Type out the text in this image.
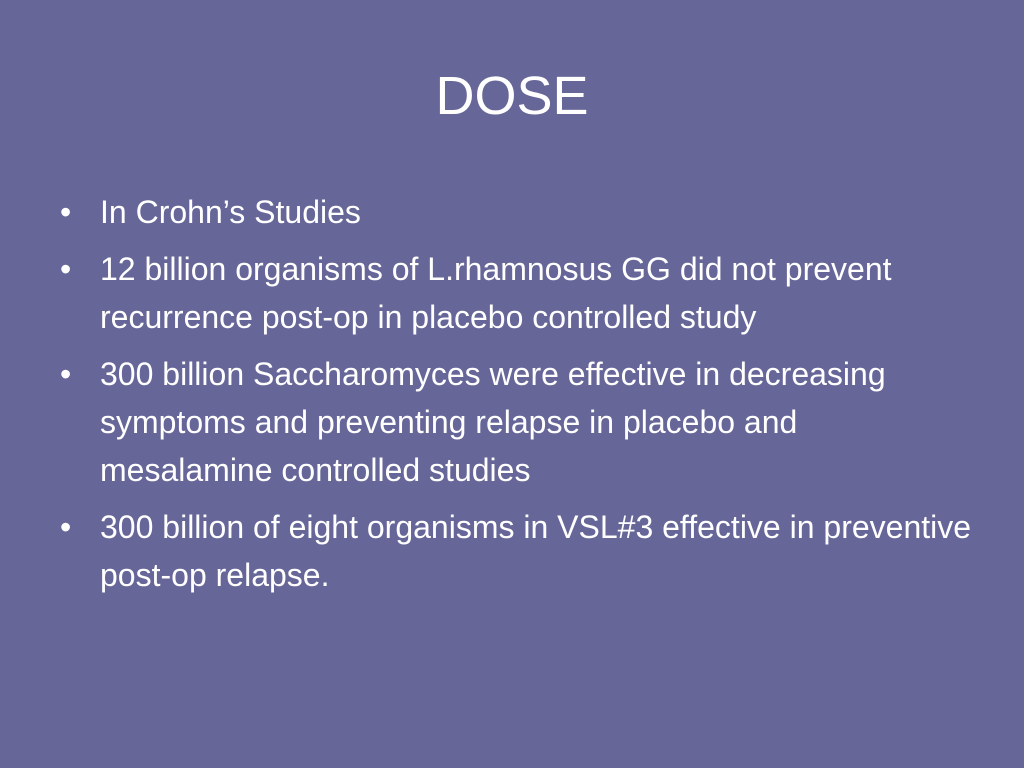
DOSE
• In Crohn’s Studies
• 12 billion organisms of L.rhamnosus GG did not prevent recurrence post-op in placebo controlled study
• 300 billion Saccharomyces were effective in decreasing symptoms and preventing relapse in placebo and mesalamine controlled studies
• 300 billion of eight organisms in VSL#3 effective in preventive post-op relapse.
